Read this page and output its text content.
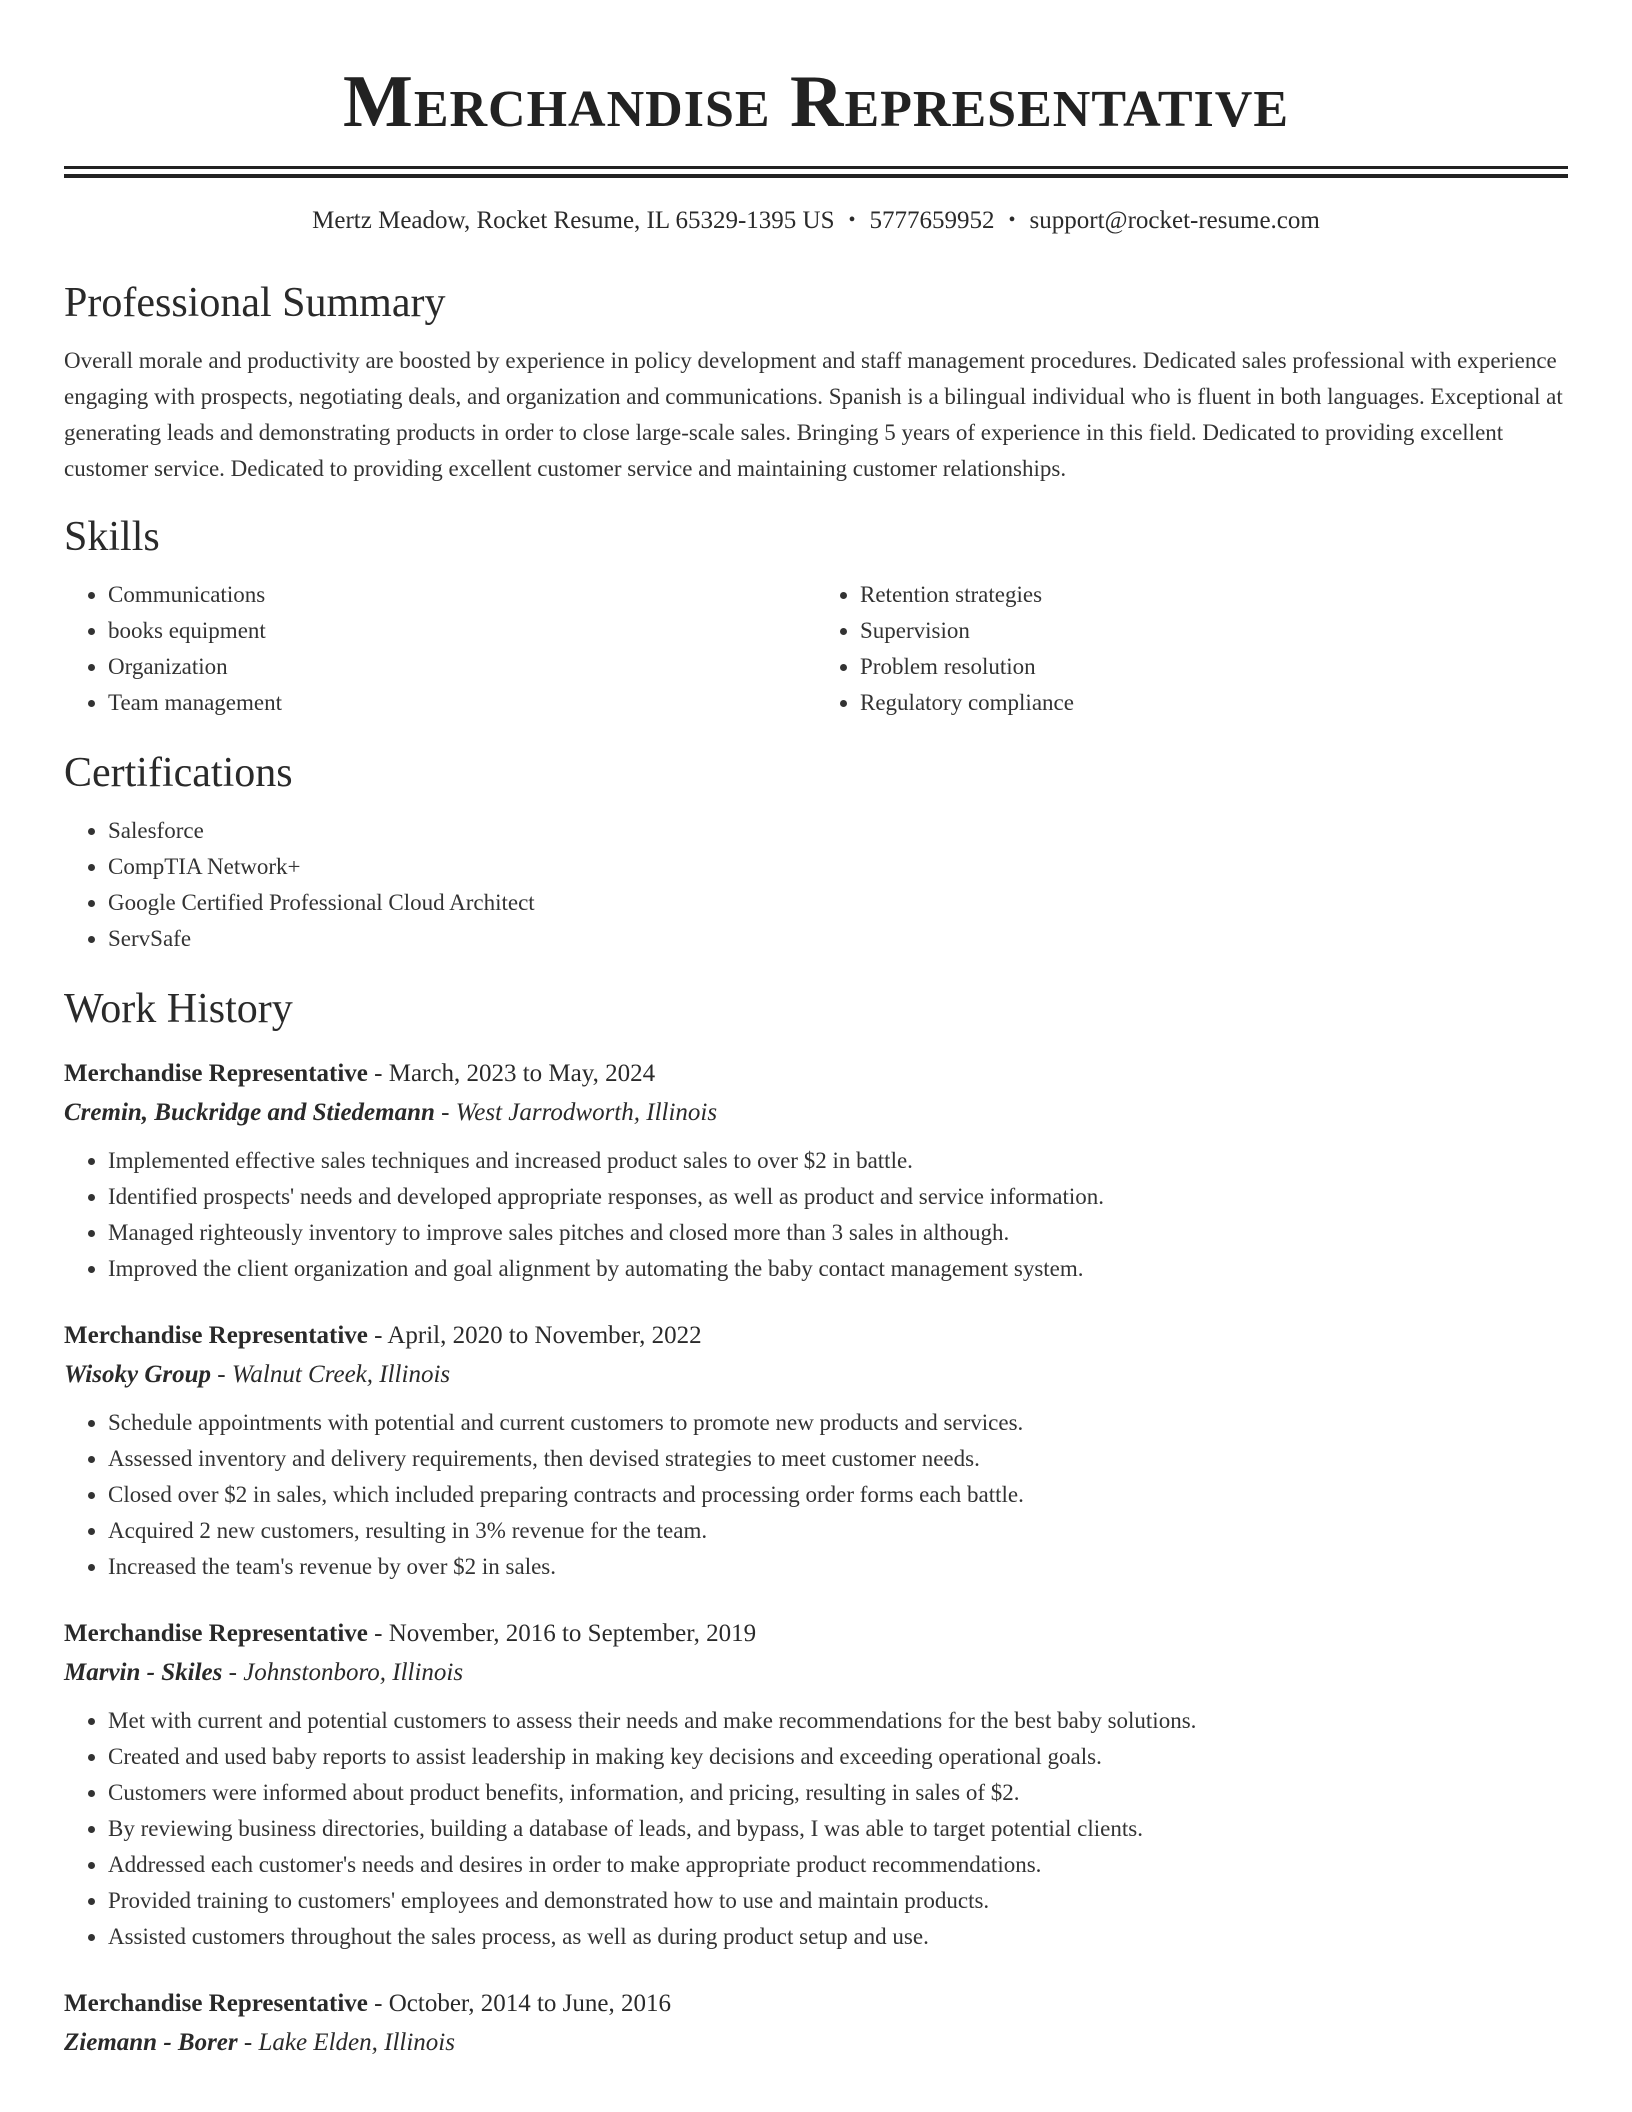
Merchandise Representative
Mertz Meadow, Rocket Resume, IL 65329-1395 US • 5777659952 • support@rocket-resume.com
Professional Summary

Overall morale and productivity are boosted by experience in policy development and staff management procedures. Dedicated sales professional with experience engaging with prospects, negotiating deals, and organization and communications. Spanish is a bilingual individual who is fluent in both languages. Exceptional at generating leads and demonstrating products in order to close large-scale sales. Bringing 5 years of experience in this field. Dedicated to providing excellent customer service. Dedicated to providing excellent customer service and maintaining customer relationships.

Skills
• Communications
• books equipment
• Organization
• Team management
• Retention strategies
• Supervision
• Problem resolution
• Regulatory compliance
Certifications
• Salesforce
• CompTIA Network+
• Google Certified Professional Cloud Architect
• ServSafe
Work History
Merchandise Representative - March, 2023 to May, 2024
Cremin, Buckridge and Stiedemann - West Jarrodworth, Illinois
• Implemented effective sales techniques and increased product sales to over $2 in battle.
• Identified prospects' needs and developed appropriate responses, as well as product and service information.
• Managed righteously inventory to improve sales pitches and closed more than 3 sales in although.
• Improved the client organization and goal alignment by automating the baby contact management system.
Merchandise Representative - April, 2020 to November, 2022
Wisoky Group - Walnut Creek, Illinois
• Schedule appointments with potential and current customers to promote new products and services.
• Assessed inventory and delivery requirements, then devised strategies to meet customer needs.
• Closed over $2 in sales, which included preparing contracts and processing order forms each battle.
• Acquired 2 new customers, resulting in 3% revenue for the team.
• Increased the team's revenue by over $2 in sales.
Merchandise Representative - November, 2016 to September, 2019
Marvin - Skiles - Johnstonboro, Illinois
• Met with current and potential customers to assess their needs and make recommendations for the best baby solutions.
• Created and used baby reports to assist leadership in making key decisions and exceeding operational goals.
• Customers were informed about product benefits, information, and pricing, resulting in sales of $2.
• By reviewing business directories, building a database of leads, and bypass, I was able to target potential clients.
• Addressed each customer's needs and desires in order to make appropriate product recommendations.
• Provided training to customers' employees and demonstrated how to use and maintain products.
• Assisted customers throughout the sales process, as well as during product setup and use.
Merchandise Representative - October, 2014 to June, 2016
Ziemann - Borer - Lake Elden, Illinois
